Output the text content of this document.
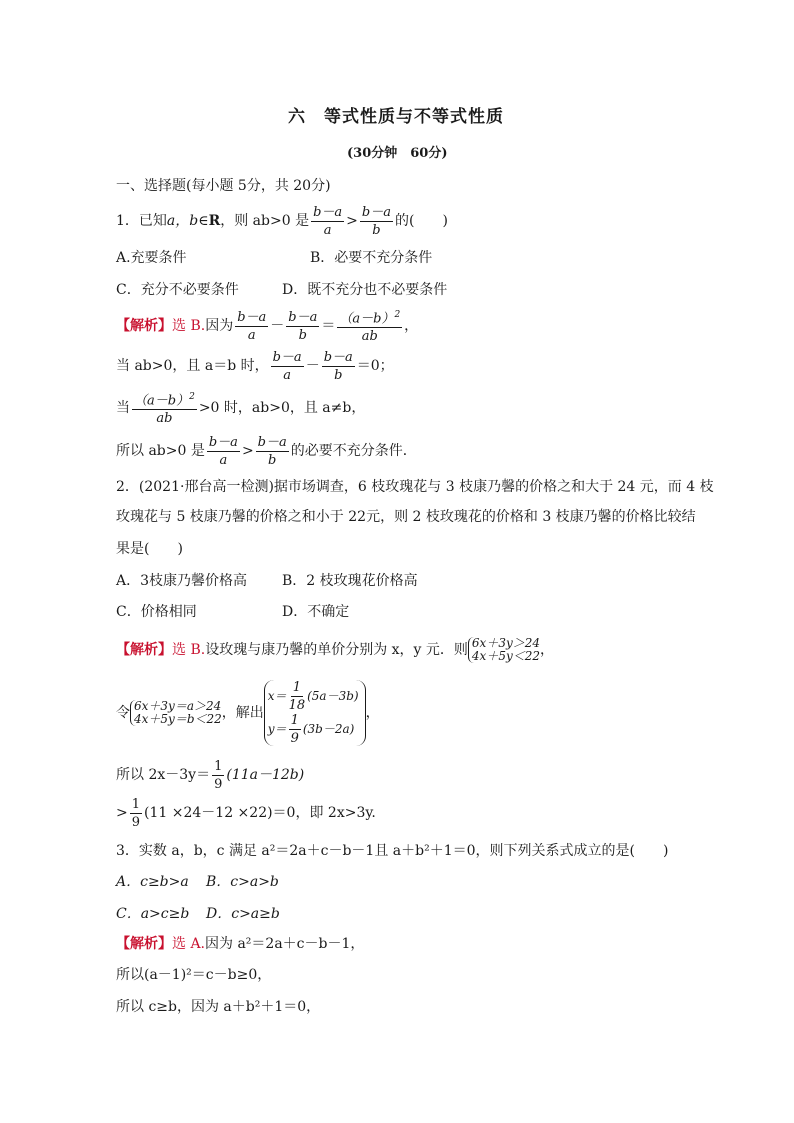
六　等式性质与不等式性质
(30分钟　60分)
一、选择题(每小题 5分，共 20分)
1．已知a，b∈R，则 ab>0 是 $\frac{b-a}{a} > \frac{b-a}{b}$ 的(　　)
A.充要条件	B．必要不充分条件
C．充分不必要条件	D．既不充分也不必要条件
【解析】选 B.因为 $\frac{b-a}{a} - \frac{b-a}{b} = \frac{(a-b)^2}{ab}$ ，
当 ab>0，且 a＝b 时， $\frac{b-a}{a} - \frac{b-a}{b} =0$；
当 $\frac{(a-b)^2}{ab} >0$ 时，ab>0，且 a≠b，
所以 ab>0 是 $\frac{b-a}{a} > \frac{b-a}{b}$ 的必要不充分条件．
2．(2021·邢台高一检测)据市场调查，6 枝玫瑰花与 3 枝康乃馨的价格之和大于 24 元，而 4 枝
玫瑰花与 5 枝康乃馨的价格之和小于 22元，则 2 枝玫瑰花的价格和 3 枝康乃馨的价格比较结
果是(　　)
A．3枝康乃馨价格高 B．2 枝玫瑰花价格高
C．价格相同	D．不确定
【解析】选 B.设玫瑰与康乃馨的单价分别为 x，y 元．则 6x＋3y＞24
4x＋5y＜22 ，
令 6x＋3y＝a＞24
4x＋5y＝b＜22 ，解出
$x= \frac{1}{18} (5a-3b)$
$y= \frac{1}{9} (3b-2a)$
，
所以 $2x-3y= \frac{1}{9} (11a-12b)$
> $\frac{1}{9} (11 \times 24-12 \times 22)=0$，即 2x>3y.
3．实数 a，b，c 满足 a²＝2a＋c－b－1且 a＋b²＋1＝0，则下列关系式成立的是(　　)
A．c≥b>a B．c>a>b
C．a>c≥b D．c>a≥b
【解析】选 A.因为 a²＝2a＋c－b－1，
所以(a－1)²＝c－b≥0，
所以 c≥b，因为 a＋b²＋1＝0，
